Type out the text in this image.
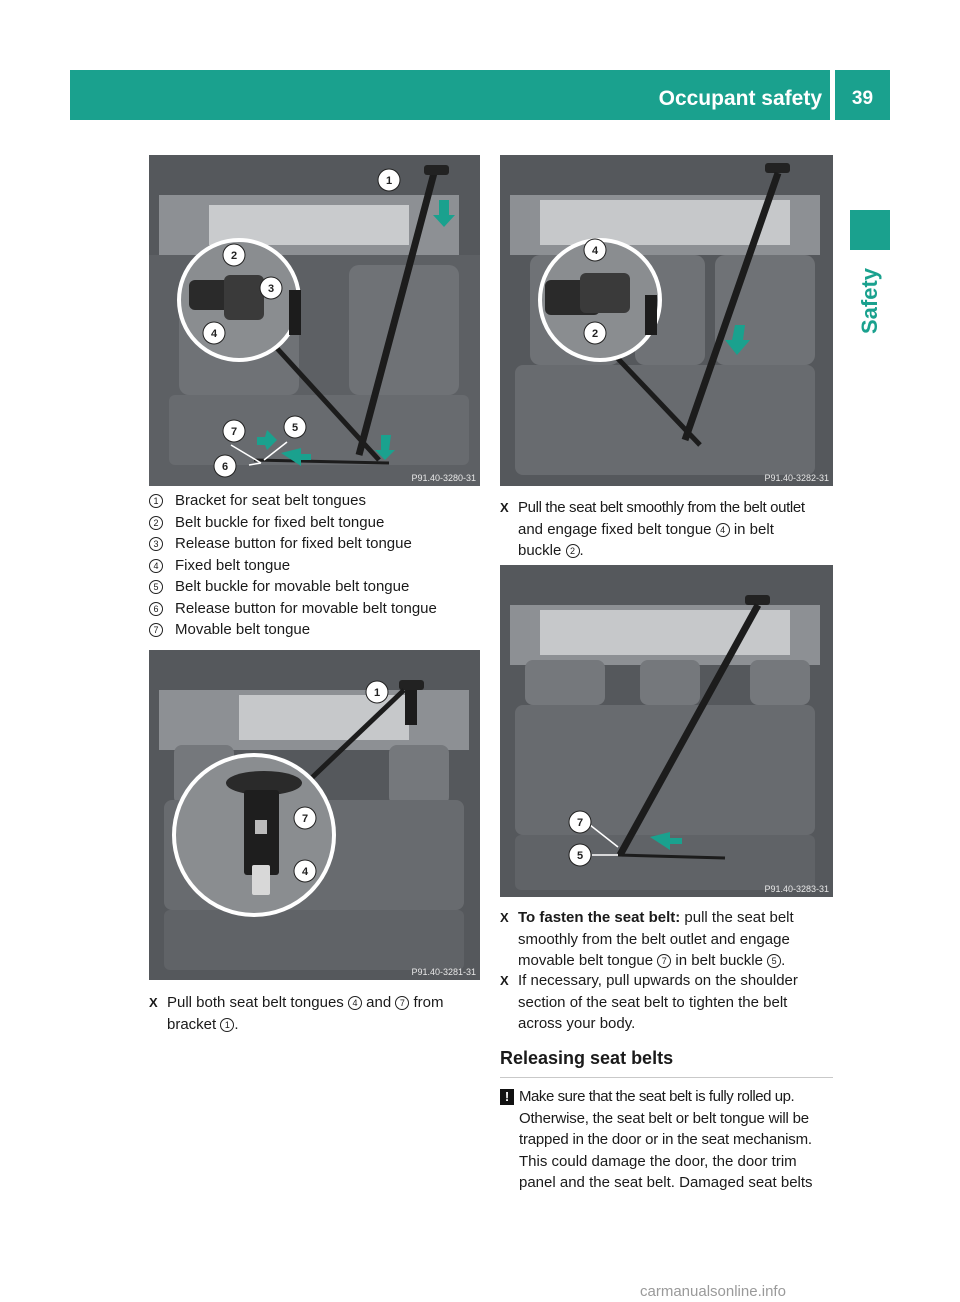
Occupant safety	39
Safety
1
2
3
4
7	5
6
P91.40-3280-31
1 Bracket for seat belt tongues
2 Belt buckle for fixed belt tongue
3 Release button for fixed belt tongue
4 Fixed belt tongue
5 Belt buckle for movable belt tongue
6 Release button for movable belt tongue
7 Movable belt tongue
1
7
4
P91.40-3281-31
X Pull both seat belt tongues 4 and 7 from
bracket 1 .
4
2
P91.40-3282-31
X Pull the seat belt smoothly from the belt outlet
and engage fixed belt tongue 4 in belt
buckle 2 .
7
5
P91.40-3283-31
X To fasten the seat belt: pull the seat belt
smoothly from the belt outlet and engage
movable belt tongue 7 in belt buckle 5 .
X If necessary, pull upwards on the shoulder
section of the seat belt to tighten the belt
across your body.
Releasing seat belts
! Make sure that the seat belt is fully rolled up.
Otherwise, the seat belt or belt tongue will be
trapped in the door or in the seat mechanism.
This could damage the door, the door trim
panel and the seat belt. Damaged seat belts
carmanualsonline.info
